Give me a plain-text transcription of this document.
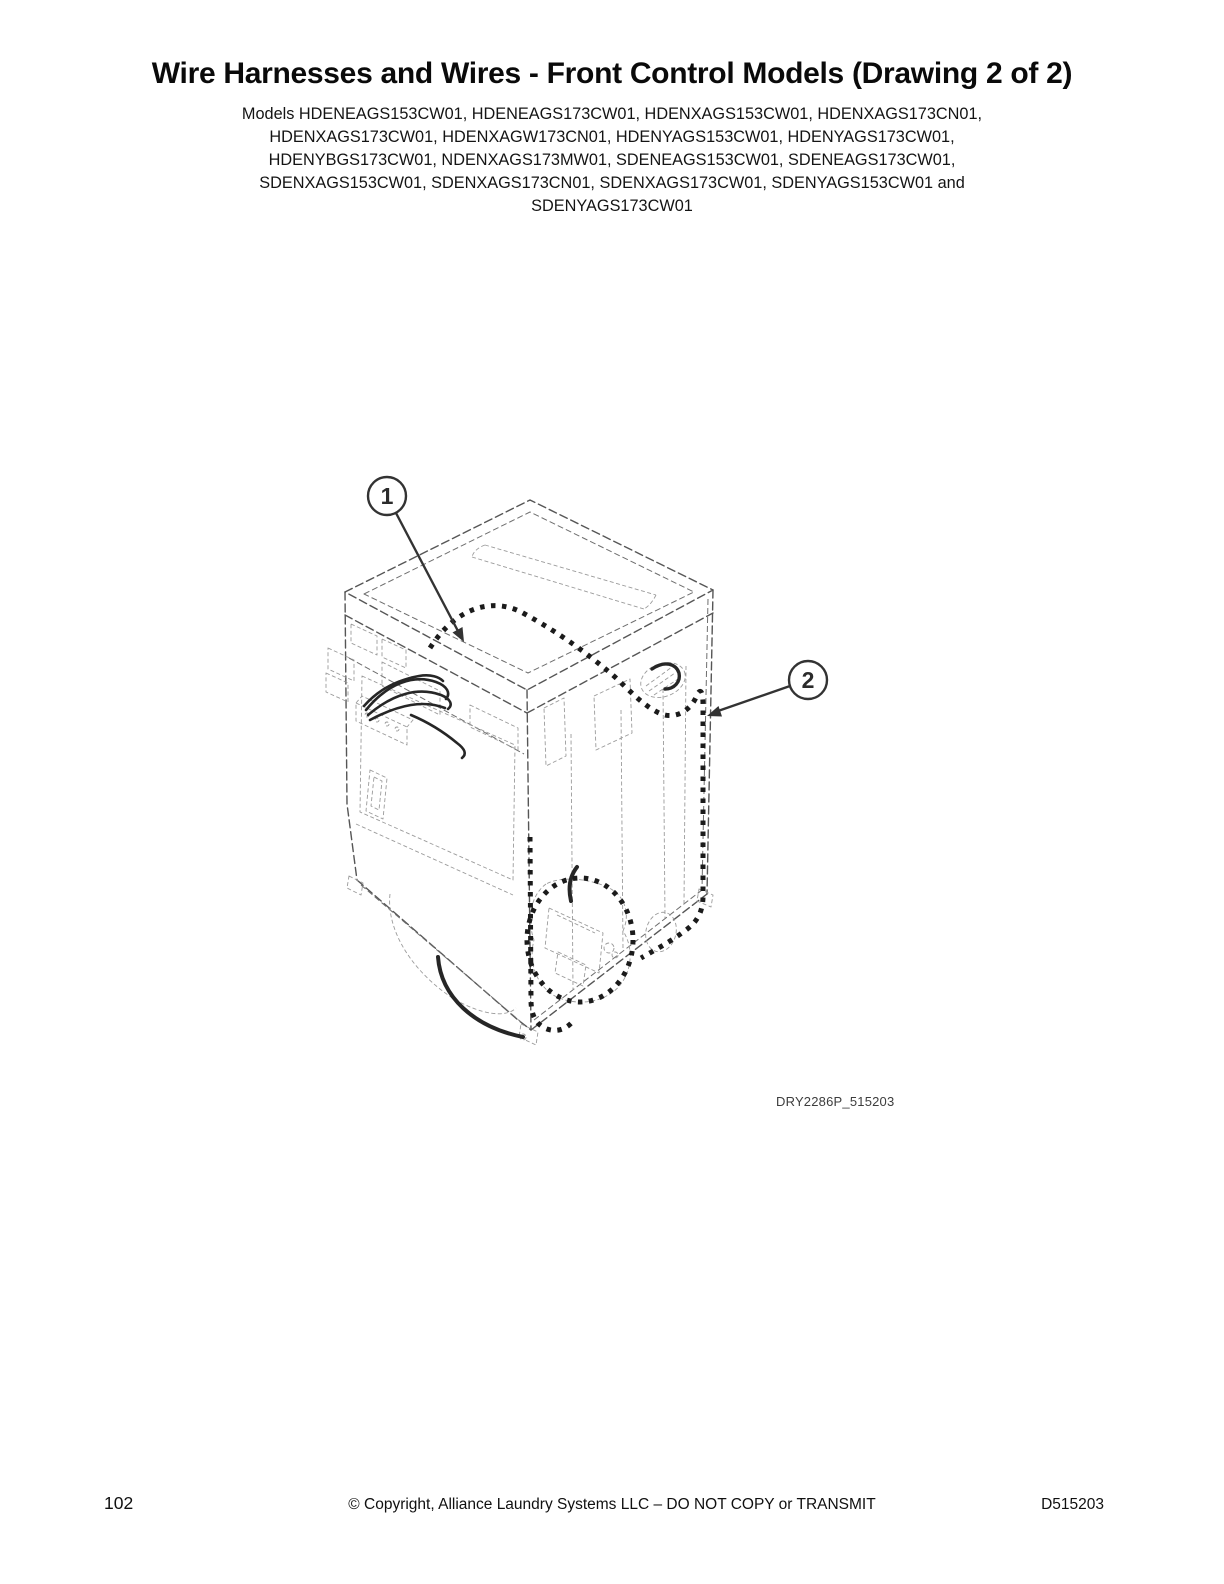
Wire Harnesses and Wires - Front Control Models (Drawing 2 of 2)
Models HDENEAGS153CW01, HDENEAGS173CW01, HDENXAGS153CW01, HDENXAGS173CN01,
HDENXAGS173CW01, HDENXAGW173CN01, HDENYAGS153CW01, HDENYAGS173CW01,
HDENYBGS173CW01, NDENXAGS173MW01, SDENEAGS153CW01, SDENEAGS173CW01,
SDENXAGS153CW01, SDENXAGS173CN01, SDENXAGS173CW01, SDENYAGS153CW01 and
SDENYAGS173CW01
1
2
DRY2286P_515203
102	© Copyright, Alliance Laundry Systems LLC – DO NOT COPY or TRANSMIT	D515203
